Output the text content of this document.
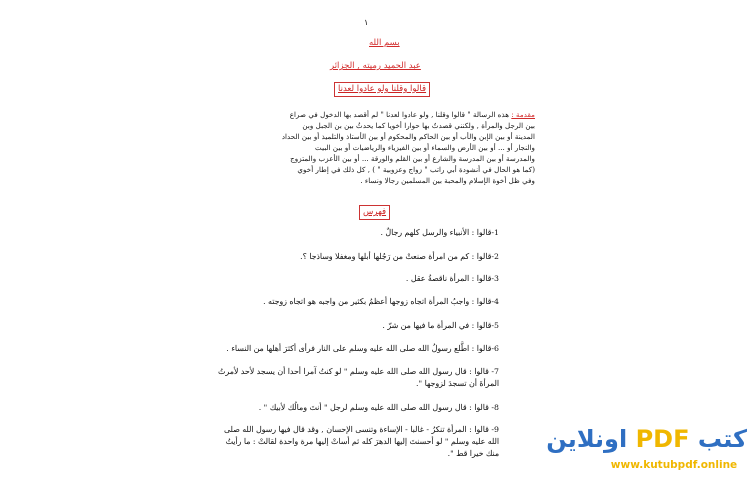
١
بسم الله
عبد الحميد رميته , الجزائر
قالوا وقلنا ولو عادوا لعدنا
مقدمة : هذه الرسالة " قالوا وقلنا , ولو عادوا لعدنا " لم أقصد بها الدخول في صراع
بين الرجل والمرأة , ولكنني قصدتُ بها حوارا أخويا كما يحدثُ بين بن الجبل وبن
المدينة أو بين الإبن والأب أو بين الحاكم والمحكوم أو بين الأستاذ والتلميذ أو بين الحداد
والنجار أو ... أو بين الأرض والسماء أو بين الفيزياء والرياضيات أو بين البيت
والمدرسة أو بين المدرسة والشارع أو بين القلم والورقة ... أو بين الأعزب والمتزوج
(كما هو الحال في أنشودة أبي راتب " زواج وعزوبية " ) , كل ذلك في إطار أخوي
وفي ظل أخوة الإسلام والمحبة بين المسلمين رجالا ونساء .
فهرس
1-قالوا : الأنبياء والرسل كلهم رجالٌ .
2-قالوا : كم من امرأة صنعتْ من رَجُلها أبلها ومغفلا وساذجا ؟.
3-قالوا : المرأة ناقصةُ عقل .
4-قالوا : واجبُ المرأة اتجاه زوجها أعظمُ بكثير من واجبه هو اتجاه زوجته .
5-قالوا : في المرأة ما فيها من شرّ .
6-قالوا : اطَّلع رسولُ الله صلى الله عليه وسلم على النار فرأى أكثرَ أهلها من النساء .
7- قالوا : قال رسول الله صلى الله عليه وسلم " لو كنتُ آمرا أحدا أن يسجد لأحد لأمرتُ
المرأةَ أن تسجدَ لزوجها ".
8- قالوا : قال رسول الله صلى الله عليه وسلم لرجل " أنتَ ومالُك لأبيك " .
9- قالوا : المرأة تنكرُ - غالبا - الإساءة وتنسى الإحسان , وقد قال فيها رسول الله صلى
الله عليه وسلم " لو أحسنتَ إليها الدهرَ كله ثم أساتْ إليها مرة واحدة لقالتْ : ما رأيتُ
منك خيرا قط ".
كتب PDF اونلاين
www.kutubpdf.online
